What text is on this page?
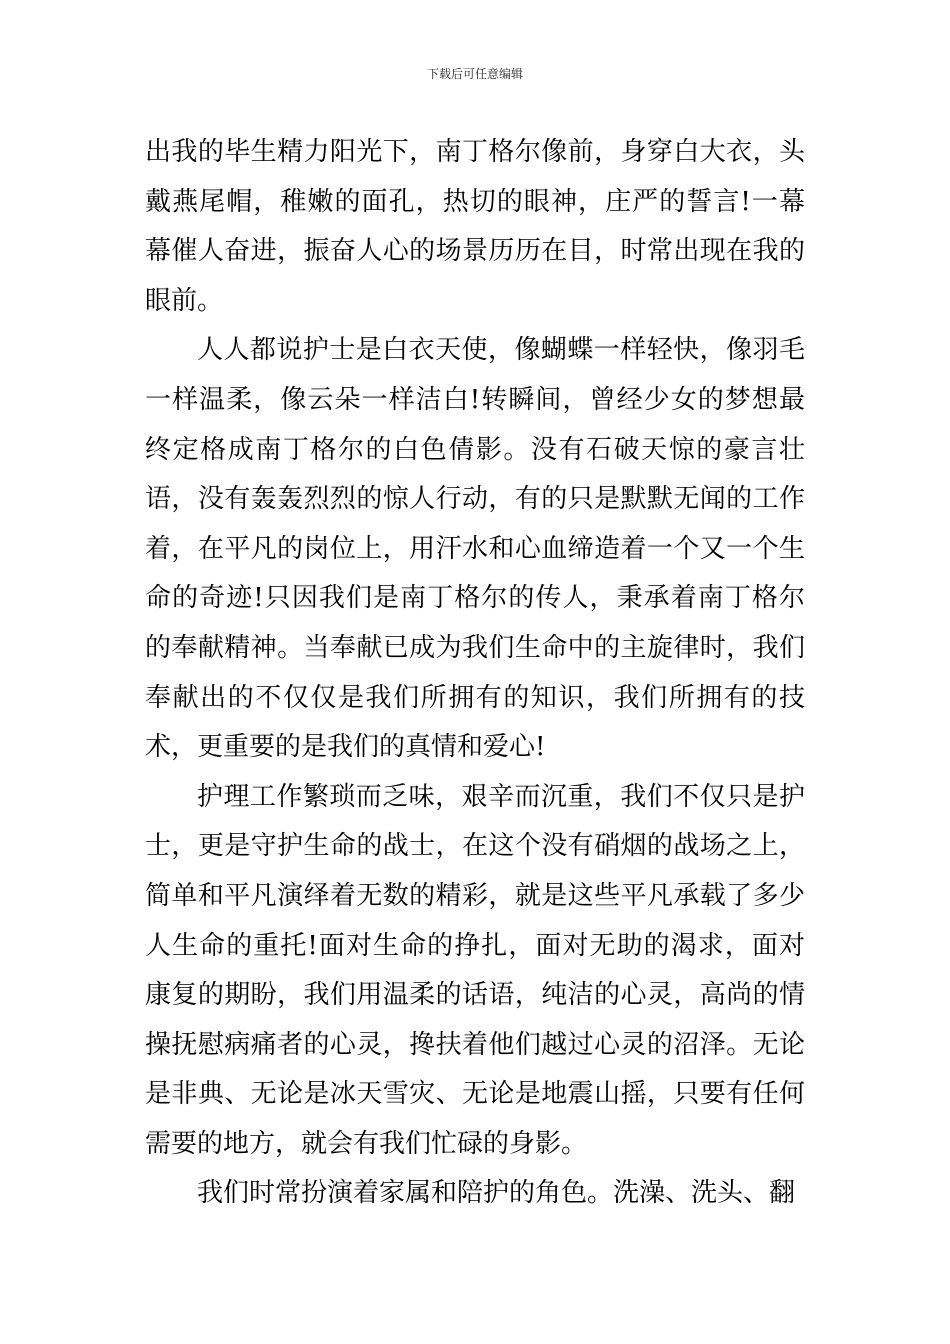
下载后可任意编辑

出我的毕生精力阳光下，南丁格尔像前，身穿白大衣，头戴燕尾帽，稚嫩的面孔，热切的眼神，庄严的誓言!一幕幕催人奋进，振奋人心的场景历历在目，时常出现在我的眼前。

人人都说护士是白衣天使，像蝴蝶一样轻快，像羽毛一样温柔，像云朵一样洁白!转瞬间，曾经少女的梦想最终定格成南丁格尔的白色倩影。没有石破天惊的豪言壮语，没有轰轰烈烈的惊人行动，有的只是默默无闻的工作着，在平凡的岗位上，用汗水和心血缔造着一个又一个生命的奇迹!只因我们是南丁格尔的传人，秉承着南丁格尔的奉献精神。当奉献已成为我们生命中的主旋律时，我们奉献出的不仅仅是我们所拥有的知识，我们所拥有的技术，更重要的是我们的真情和爱心!

护理工作繁琐而乏味，艰辛而沉重，我们不仅只是护士，更是守护生命的战士，在这个没有硝烟的战场之上，简单和平凡演绎着无数的精彩，就是这些平凡承载了多少人生命的重托!面对生命的挣扎，面对无助的渴求，面对康复的期盼，我们用温柔的话语，纯洁的心灵，高尚的情操抚慰病痛者的心灵，搀扶着他们越过心灵的沼泽。无论是非典、无论是冰天雪灾、无论是地震山摇，只要有任何需要的地方，就会有我们忙碌的身影。

我们时常扮演着家属和陪护的角色。洗澡、洗头、翻
